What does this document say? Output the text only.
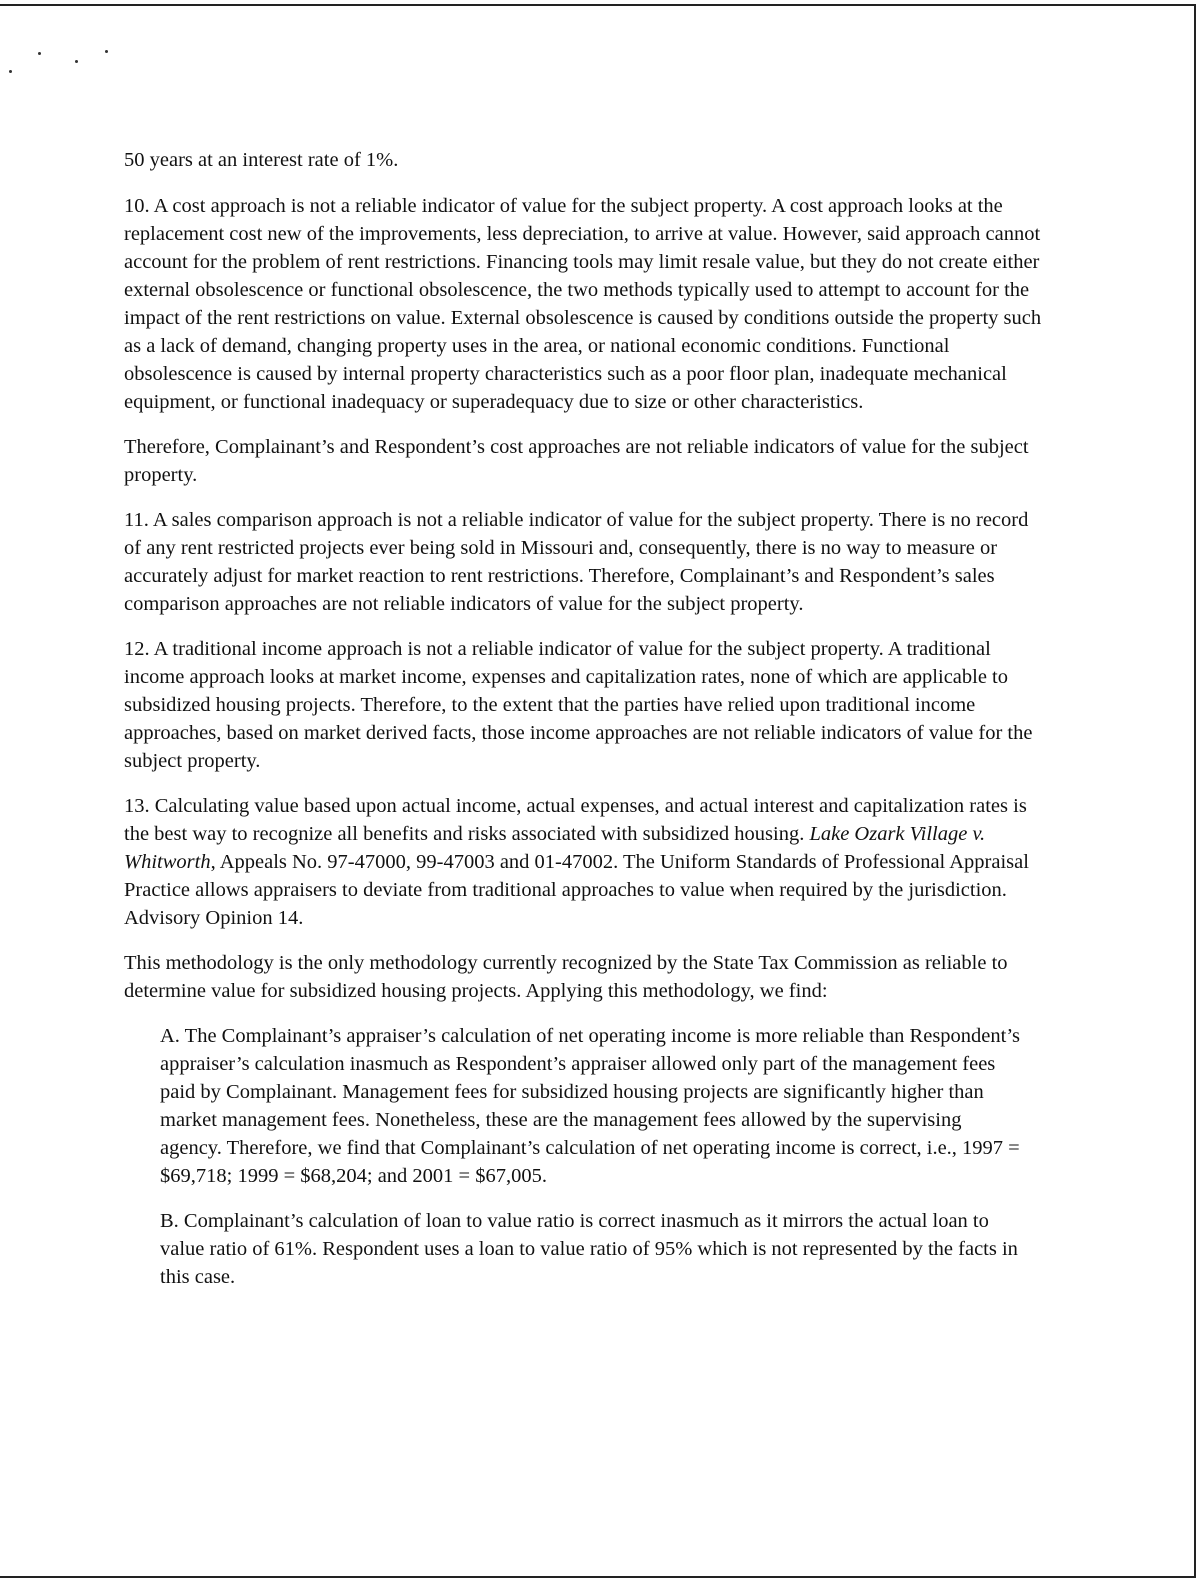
50 years at an interest rate of 1%.

10. A cost approach is not a reliable indicator of value for the subject property. A cost approach looks at the replacement cost new of the improvements, less depreciation, to arrive at value. However, said approach cannot account for the problem of rent restrictions. Financing tools may limit resale value, but they do not create either external obsolescence or functional obsolescence, the two methods typically used to attempt to account for the impact of the rent restrictions on value. External obsolescence is caused by conditions outside the property such as a lack of demand, changing property uses in the area, or national economic conditions. Functional obsolescence is caused by internal property characteristics such as a poor floor plan, inadequate mechanical equipment, or functional inadequacy or superadequacy due to size or other characteristics.

Therefore, Complainant’s and Respondent’s cost approaches are not reliable indicators of value for the subject property.

11. A sales comparison approach is not a reliable indicator of value for the subject property. There is no record of any rent restricted projects ever being sold in Missouri and, consequently, there is no way to measure or accurately adjust for market reaction to rent restrictions. Therefore, Complainant’s and Respondent’s sales comparison approaches are not reliable indicators of value for the subject property.

12. A traditional income approach is not a reliable indicator of value for the subject property. A traditional income approach looks at market income, expenses and capitalization rates, none of which are applicable to subsidized housing projects. Therefore, to the extent that the parties have relied upon traditional income approaches, based on market derived facts, those income approaches are not reliable indicators of value for the subject property.

13. Calculating value based upon actual income, actual expenses, and actual interest and capitalization rates is the best way to recognize all benefits and risks associated with subsidized housing. Lake Ozark Village v. Whitworth, Appeals No. 97-47000, 99-47003 and 01-47002. The Uniform Standards of Professional Appraisal Practice allows appraisers to deviate from traditional approaches to value when required by the jurisdiction. Advisory Opinion 14.

This methodology is the only methodology currently recognized by the State Tax Commission as reliable to determine value for subsidized housing projects. Applying this methodology, we find:

A. The Complainant’s appraiser’s calculation of net operating income is more reliable than Respondent’s appraiser’s calculation inasmuch as Respondent’s appraiser allowed only part of the management fees paid by Complainant. Management fees for subsidized housing projects are significantly higher than market management fees. Nonetheless, these are the management fees allowed by the supervising agency. Therefore, we find that Complainant’s calculation of net operating income is correct, i.e., 1997 = $69,718; 1999 = $68,204; and 2001 = $67,005.

B. Complainant’s calculation of loan to value ratio is correct inasmuch as it mirrors the actual loan to value ratio of 61%. Respondent uses a loan to value ratio of 95% which is not represented by the facts in this case.
